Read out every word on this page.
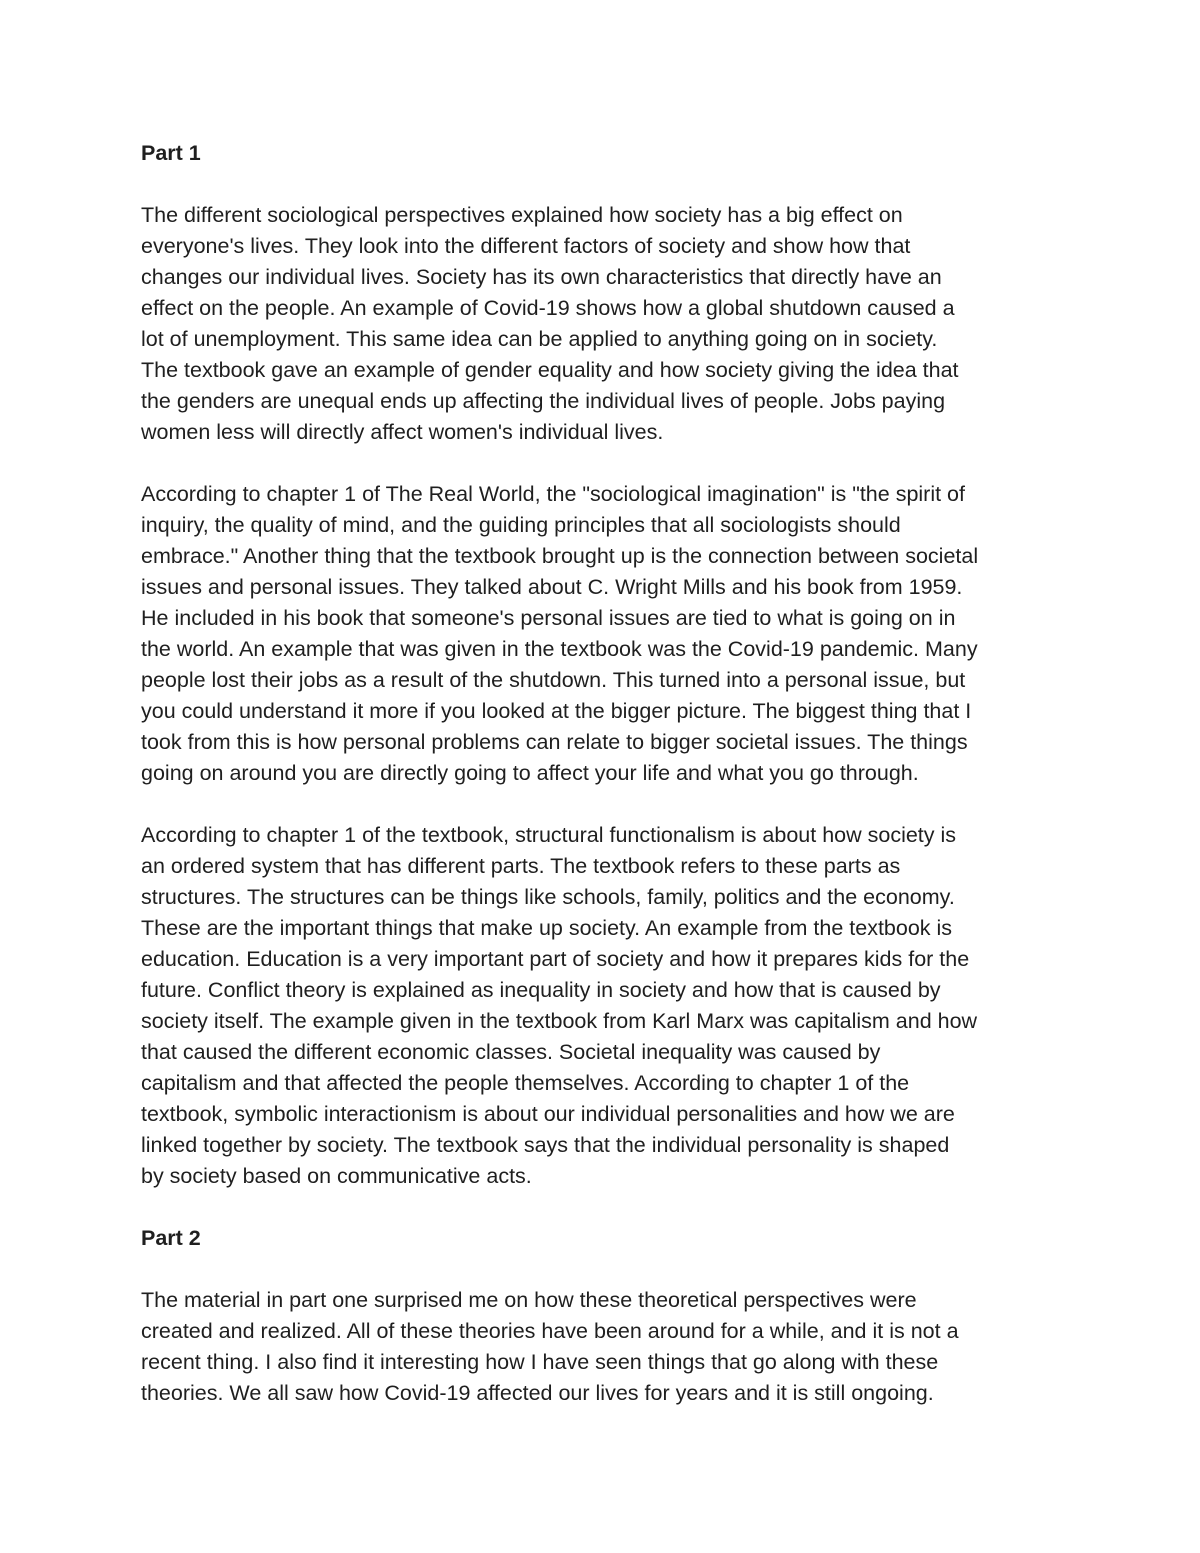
Part 1

The different sociological perspectives explained how society has a big effect on
everyone's lives. They look into the different factors of society and show how that
changes our individual lives. Society has its own characteristics that directly have an
effect on the people. An example of Covid-19 shows how a global shutdown caused a
lot of unemployment. This same idea can be applied to anything going on in society.
The textbook gave an example of gender equality and how society giving the idea that
the genders are unequal ends up affecting the individual lives of people. Jobs paying
women less will directly affect women's individual lives.

According to chapter 1 of The Real World, the "sociological imagination" is "the spirit of
inquiry, the quality of mind, and the guiding principles that all sociologists should
embrace." Another thing that the textbook brought up is the connection between societal
issues and personal issues. They talked about C. Wright Mills and his book from 1959.
He included in his book that someone's personal issues are tied to what is going on in
the world. An example that was given in the textbook was the Covid-19 pandemic. Many
people lost their jobs as a result of the shutdown. This turned into a personal issue, but
you could understand it more if you looked at the bigger picture. The biggest thing that I
took from this is how personal problems can relate to bigger societal issues. The things
going on around you are directly going to affect your life and what you go through.

According to chapter 1 of the textbook, structural functionalism is about how society is
an ordered system that has different parts. The textbook refers to these parts as
structures. The structures can be things like schools, family, politics and the economy.
These are the important things that make up society. An example from the textbook is
education. Education is a very important part of society and how it prepares kids for the
future. Conflict theory is explained as inequality in society and how that is caused by
society itself. The example given in the textbook from Karl Marx was capitalism and how
that caused the different economic classes. Societal inequality was caused by
capitalism and that affected the people themselves. According to chapter 1 of the
textbook, symbolic interactionism is about our individual personalities and how we are
linked together by society. The textbook says that the individual personality is shaped
by society based on communicative acts.

Part 2

The material in part one surprised me on how these theoretical perspectives were
created and realized. All of these theories have been around for a while, and it is not a
recent thing. I also find it interesting how I have seen things that go along with these
theories. We all saw how Covid-19 affected our lives for years and it is still ongoing.
